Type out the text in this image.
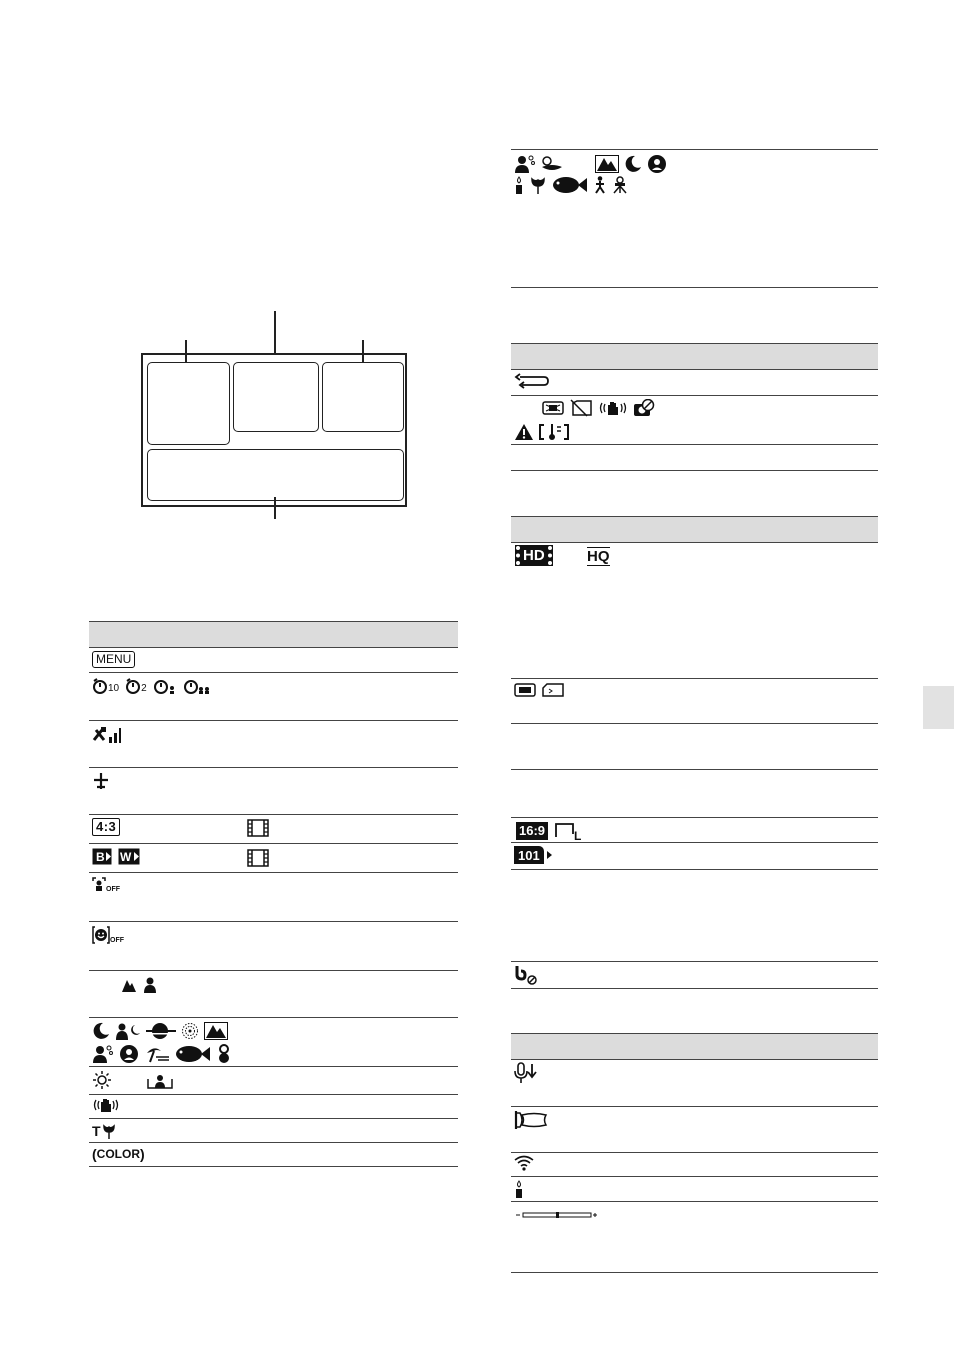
MENU
10 2
4:3
B W
OFF
OFF
T
( COLOR )
HD	HQ
16:9 L
101
